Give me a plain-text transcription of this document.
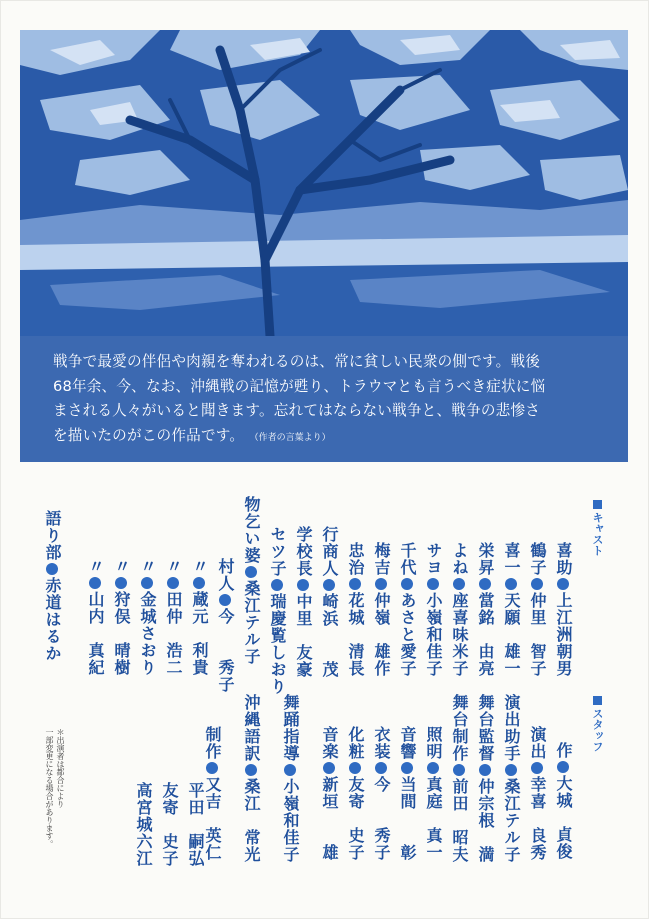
戦争で最愛の伴侶や肉親を奪われるのは、常に貧しい民衆の側です。戦後
68年余、今、なお、沖縄戦の記憶が甦り、トラウマとも言うべき症状に悩
まされる人々がいると聞きます。忘れてはならない戦争と、戦争の悲惨さ
を描いたのがこの作品です。 （作者の言葉より）
キャスト
喜助上江洲朝男
鶴子仲里　智子
喜一天願　雄一
栄昇當銘　由亮
よね座喜味米子
サヨ小嶺和佳子
千代あさと愛子
梅吉仲嶺　雄作
忠治花城　清長
行商人崎浜　　茂
学校長中里　友豪
セツ子瑞慶覧しおり
物乞い婆桑江テル子
村人今　　秀子
〃蔵元　利貴
〃田仲　浩二
〃金城さおり
〃狩俣　晴樹
〃山内　真紀
語り部赤道はるか
スタッフ
作大城　貞俊
演出幸喜　良秀
演出助手桑江テル子
舞台監督仲宗根　満
舞台制作前田　昭夫
照明真庭　真一
音響当間　　彰
衣装今　　秀子
化粧友寄　史子
音楽新垣　　雄
舞踊指導小嶺和佳子
沖縄語訳桑江　常光
制作又吉　英仁
平田　嗣弘
友寄　史子
高宮城六江
＊出演者は都合により
一部変更になる場合があります。
